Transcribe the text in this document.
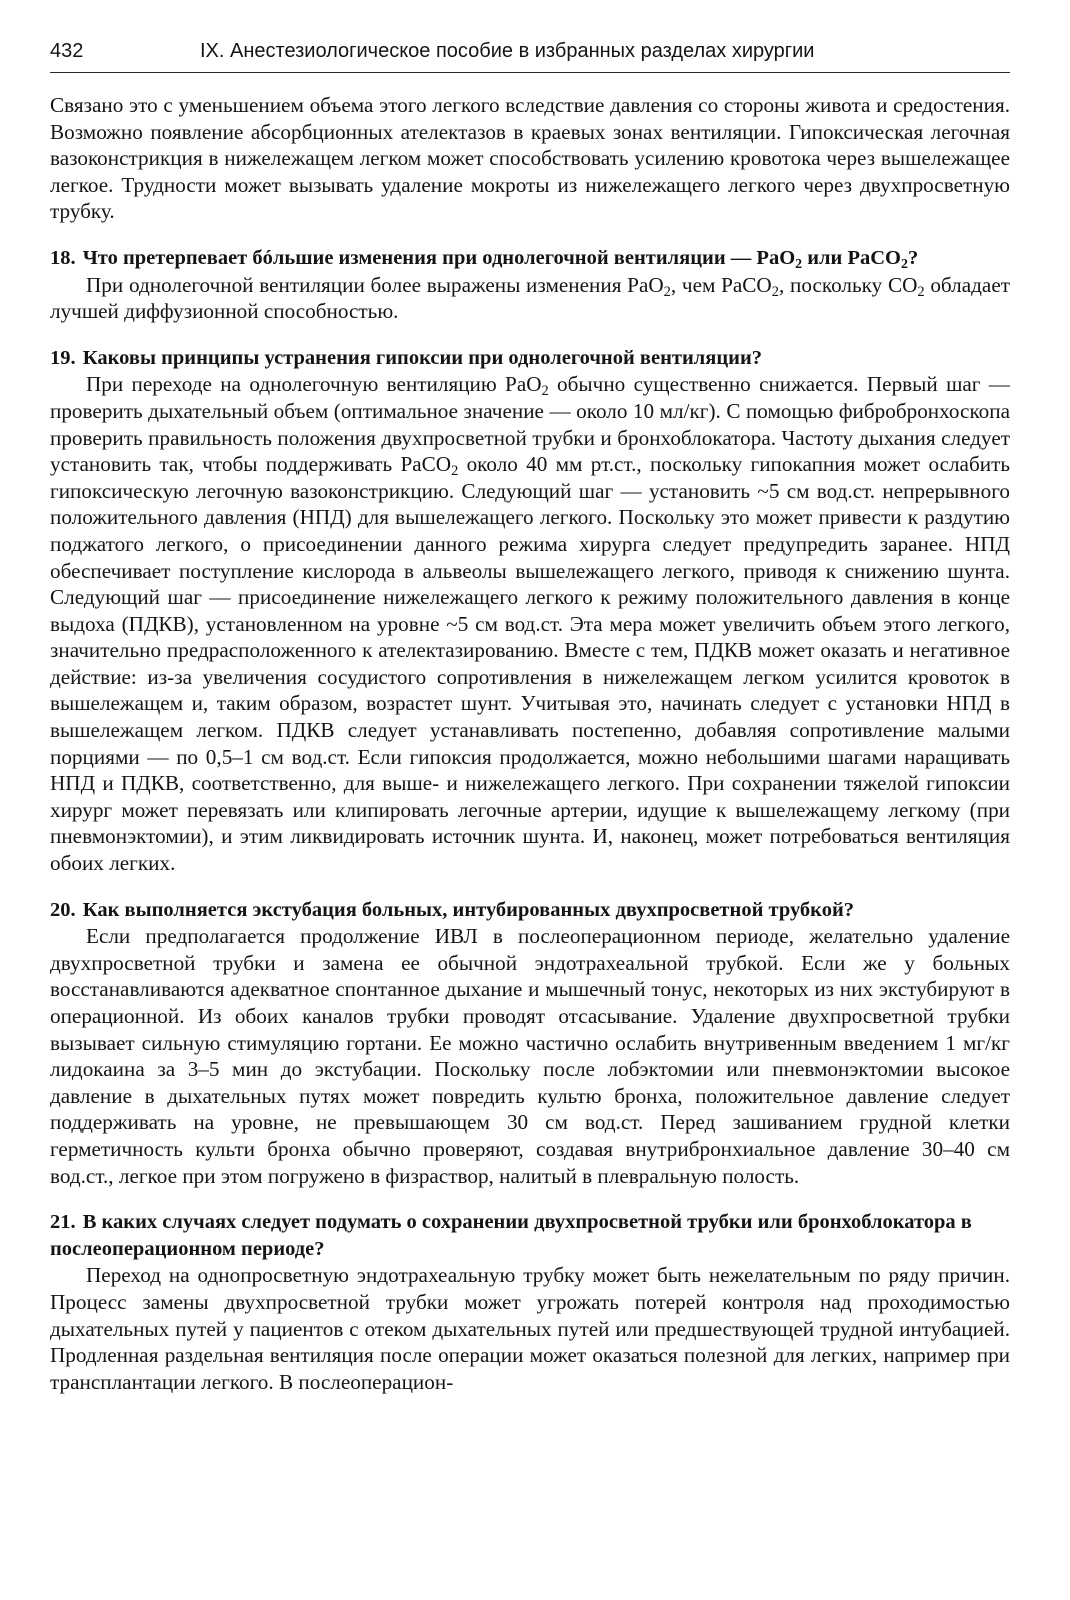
432	IX. Анестезиологическое пособие в избранных разделах хирургии

Связано это с уменьшением объема этого легкого вследствие давления со стороны живота и средостения. Возможно появление абсорбционных ателектазов в краевых зонах вентиляции. Гипоксическая легочная вазоконстрикция в нижележащем легком может способствовать усилению кровотока через вышележащее легкое. Трудности может вызывать удаление мокроты из нижележащего легкого через двухпросветную трубку.

18. Что претерпевает бóльшие изменения при однолегочной вентиляции — PaO$_2$ или PaCO$_2$?

При однолегочной вентиляции более выражены изменения PaO$_2$, чем PaCO$_2$, поскольку $CO_2$ обладает лучшей диффузионной способностью.

19. Каковы принципы устранения гипоксии при однолегочной вентиляции?

При переходе на однолегочную вентиляцию PaO$_2$ обычно существенно снижается. Первый шаг — проверить дыхательный объем (оптимальное значение — около 10 мл/кг). С помощью фибробронхоскопа проверить правильность положения двухпросветной трубки и бронхоблокатора. Частоту дыхания следует установить так, чтобы поддерживать PaCO$_2$ около 40 мм рт.ст., поскольку гипокапния может ослабить гипоксическую легочную вазоконстрикцию. Следующий шаг — установить ~5 см вод.ст. непрерывного положительного давления (НПД) для вышележащего легкого. Поскольку это может привести к раздутию поджатого легкого, о присоединении данного режима хирурга следует предупредить заранее. НПД обеспечивает поступление кислорода в альвеолы вышележащего легкого, приводя к снижению шунта. Следующий шаг — присоединение нижележащего легкого к режиму положительного давления в конце выдоха (ПДКВ), установленном на уровне ~5 см вод.ст. Эта мера может увеличить объем этого легкого, значительно предрасположенного к ателектазированию. Вместе с тем, ПДКВ может оказать и негативное действие: из-за увеличения сосудистого сопротивления в нижележащем легком усилится кровоток в вышележащем и, таким образом, возрастет шунт. Учитывая это, начинать следует с установки НПД в вышележащем легком. ПДКВ следует устанавливать постепенно, добавляя сопротивление малыми порциями — по 0,5–1 см вод.ст. Если гипоксия продолжается, можно небольшими шагами наращивать НПД и ПДКВ, соответственно, для выше- и нижележащего легкого. При сохранении тяжелой гипоксии хирург может перевязать или клипировать легочные артерии, идущие к вышележащему легкому (при пневмонэктомии), и этим ликвидировать источник шунта. И, наконец, может потребоваться вентиляция обоих легких.

20. Как выполняется экстубация больных, интубированных двухпросветной трубкой?

Если предполагается продолжение ИВЛ в послеоперационном периоде, желательно удаление двухпросветной трубки и замена ее обычной эндотрахеальной трубкой. Если же у больных восстанавливаются адекватное спонтанное дыхание и мышечный тонус, некоторых из них экстубируют в операционной. Из обоих каналов трубки проводят отсасывание. Удаление двухпросветной трубки вызывает сильную стимуляцию гортани. Ее можно частично ослабить внутривенным введением 1 мг/кг лидокаина за 3–5 мин до экстубации. Поскольку после лобэктомии или пневмонэктомии высокое давление в дыхательных путях может повредить культю бронха, положительное давление следует поддерживать на уровне, не превышающем 30 см вод.ст. Перед зашиванием грудной клетки герметичность культи бронха обычно проверяют, создавая внутрибронхиальное давление 30–40 см вод.ст., легкое при этом погружено в физраствор, налитый в плевральную полость.

21. В каких случаях следует подумать о сохранении двухпросветной трубки или бронхоблокатора в послеоперационном периоде?

Переход на однопросветную эндотрахеальную трубку может быть нежелательным по ряду причин. Процесс замены двухпросветной трубки может угрожать потерей контроля над проходимостью дыхательных путей у пациентов с отеком дыхательных путей или предшествующей трудной интубацией. Продленная раздельная вентиляция после операции может оказаться полезной для легких, например при трансплантации легкого. В послеоперацион-
